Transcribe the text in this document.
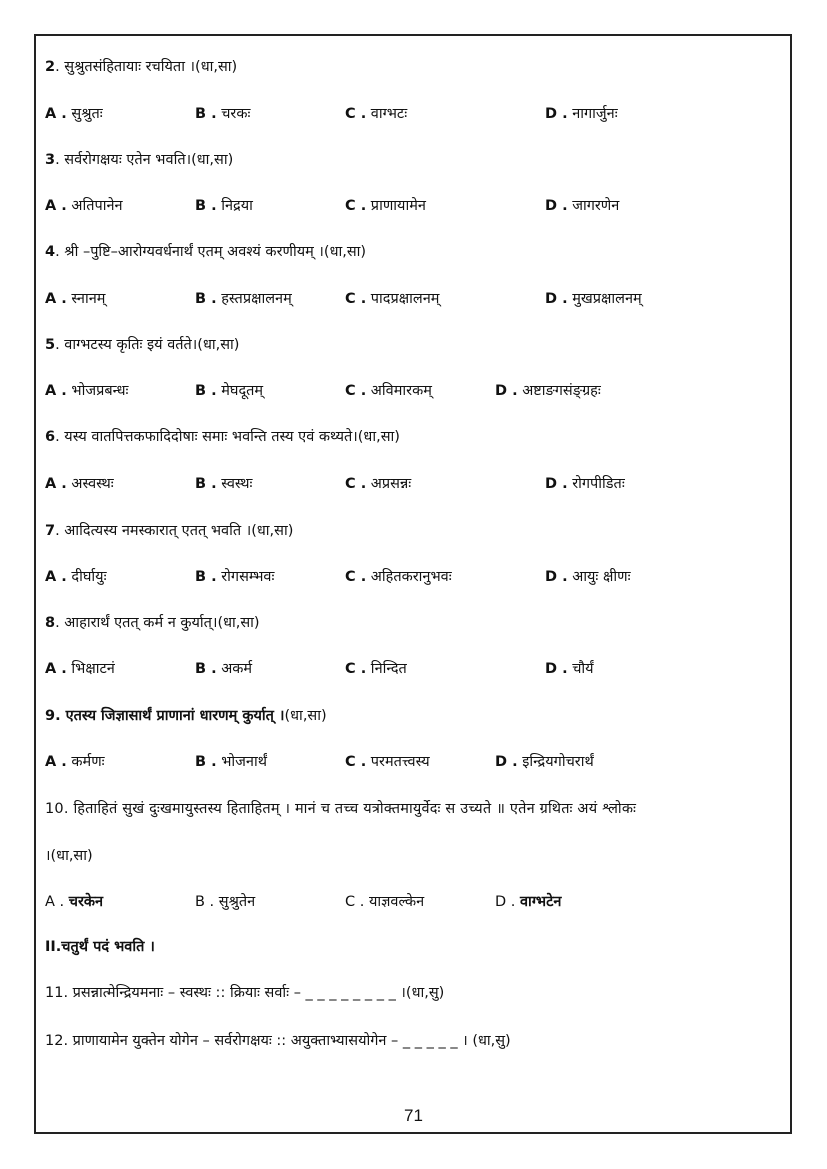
2. सुश्रुतसंहितायाः रचयिता ।(धा,सा)
A . सुश्रुतः	B . चरकः	C . वाग्भटः	D . नागार्जुनः
3. सर्वरोगक्षयः एतेन भवति।(धा,सा)
A . अतिपानेन	B . निद्रया	C . प्राणायामेन	D . जागरणेन
4. श्री –पुष्टि–आरोग्यवर्धनार्थं एतम् अवश्यं करणीयम् ।(धा,सा)
A . स्नानम्	B . हस्तप्रक्षालनम्	C . पादप्रक्षालनम्	D . मुखप्रक्षालनम्
5. वाग्भटस्य कृतिः इयं वर्तते।(धा,सा)
A . भोजप्रबन्धः	B . मेघदूतम्	C . अविमारकम्	D . अष्टाङगसंङ्ग्रहः
6. यस्य वातपित्तकफादिदोषाः समाः भवन्ति तस्य एवं कथ्यते।(धा,सा)
A . अस्वस्थः	B . स्वस्थः	C . अप्रसन्नः	D . रोगपीडितः
7. आदित्यस्य नमस्कारात् एतत् भवति ।(धा,सा)
A . दीर्घायुः	B . रोगसम्भवः	C . अहितकरानुभवः	D . आयुः क्षीणः
8. आहारार्थं एतत् कर्म न कुर्यात्।(धा,सा)
A . भिक्षाटनं	B . अकर्म	C . निन्दित	D . चौर्यं
9. एतस्य जिज्ञासार्थं प्राणानां धारणम् कुर्यात् ।(धा,सा)
A . कर्मणः	B . भोजनार्थं	C . परमतत्त्वस्य	D . इन्द्रियगोचरार्थं
10. हिताहितं सुखं दुःखमायुस्तस्य हिताहितम् । मानं च तच्च यत्रोक्तमायुर्वेदः स उच्यते ॥ एतेन ग्रथितः अयं श्लोकः
।(धा,सा)
A . चरकेन	B . सुश्रुतेन	C . याज्ञवल्केन	D . वाग्भटेन
II.चतुर्थं पदं भवति ।
11. प्रसन्नात्मेन्द्रियमनाः – स्वस्थः :: क्रियाः सर्वाः – _ _ _ _ _ _ _ _ ।(धा,सु)
12. प्राणायामेन युक्तेन योगेन – सर्वरोगक्षयः :: अयुक्ताभ्यासयोगेन – _ _ _ _ _ । (धा,सु)
71
